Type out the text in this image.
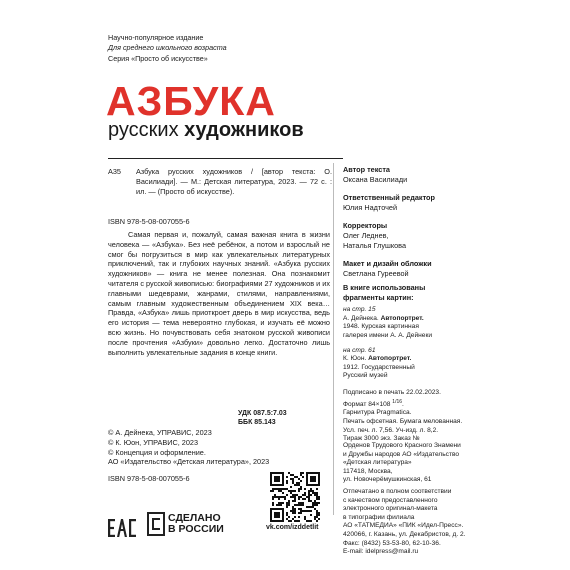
Научно-популярное издание
Для среднего школьного возраста
Серия «Просто об искусстве»
АЗБУКА
русских художников
А35 Азбука русских художников / [автор текста: О. Василиади]. — М.: Детская литература, 2023. — 72 с. : ил. — (Просто об искусстве).
ISBN 978-5-08-007055-6
Самая первая и, пожалуй, самая важная книга в жизни человека — «Азбука». Без неё ребёнок, а потом и взрослый не смог бы погрузиться в мир как увлекательных литературных приключений, так и глубоких научных знаний. «Азбука русских художников» — книга не менее полезная. Она познакомит читателя с русской живописью: биографиями 27 художников и их главными шедеврами, жанрами, стилями, направлениями, самым главным художественным объединением XIX века… Правда, «Азбука» лишь приоткроет дверь в мир искусства, ведь его история — тема невероятно глубокая, и изучать её можно всю жизнь. Но почувствовать себя знатоком русской живописи после прочтения «Азбуки» довольно легко. Достаточно лишь выполнить увлекательные задания в конце книги.
УДК 087.5:7.03
ББК 85.143
© А. Дейнека, УПРАВИС, 2023
© К. Юон, УПРАВИС, 2023
© Концепция и оформление.
АО «Издательство «Детская литература», 2023
ISBN 978-5-08-007055-6
СДЕЛАНО
В РОССИИ	vk.com/izddetlit
Автор текста
Оксана Василиади
Ответственный редактор
Юлия Надточей
Корректоры
Олег Леднев,
Наталья Глушкова
Макет и дизайн обложки
Светлана Гуреевой
В книге использованы
фрагменты картин:
на стр. 15
А. Дейнека. Автопортрет.
1948. Курская картинная
галерея имени А. А. Дейнеки
на стр. 61
К. Юон. Автопортрет.
1912. Государственный
Русский музей
Подписано в печать 22.02.2023.
Формат 84×108 $^{1/16}$.
Гарнитура Pragmatica.
Печать офсетная. Бумага мелованная.
Усл. печ. л. 7,56. Уч-изд. л. 8,2.
Тираж 3000 экз. Заказ №
Орденов Трудового Красного Знамени
и Дружбы народов АО «Издательство
«Детская литература»
117418, Москва,
ул. Новочерёмушкинская, 61
Отпечатано в полном соответствии
с качеством предоставленного
электронного оригинал-макета
в типографии филиала
АО «ТАТМЕДИА» «ПИК «Идел-Пресс».
420066, г. Казань, ул. Декабристов, д. 2.
Факс: (8432) 53-53-80, 62-10-36.
E-mail: idelpress@mail.ru
